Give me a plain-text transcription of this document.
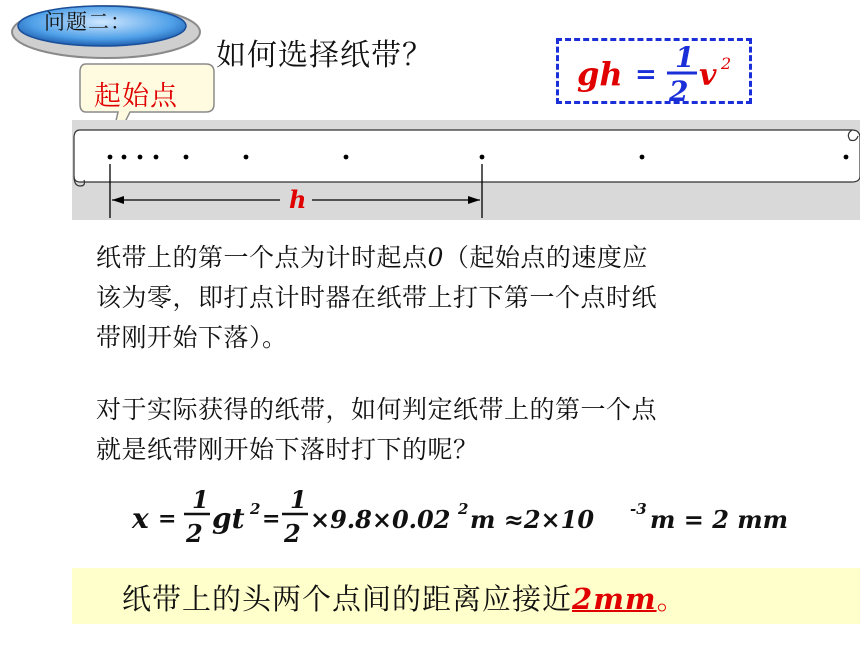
问题二：
如何选择纸带？
起始点
gh =
1
2 v 2
h
纸带上的第一个点为计时起点0（起始点的速度应
该为零，即打点计时器在纸带上打下第一个点时纸
带刚开始下落）。
对于实际获得的纸带，如何判定纸带上的第一个点
就是纸带刚开始下落时打下的呢？
x =
1
2 gt 2 =
1
2 ×9.8×0.02 2 m ≈2×10 -3 m = 2 mm
纸带上的头两个点间的距离应接近2mm。
